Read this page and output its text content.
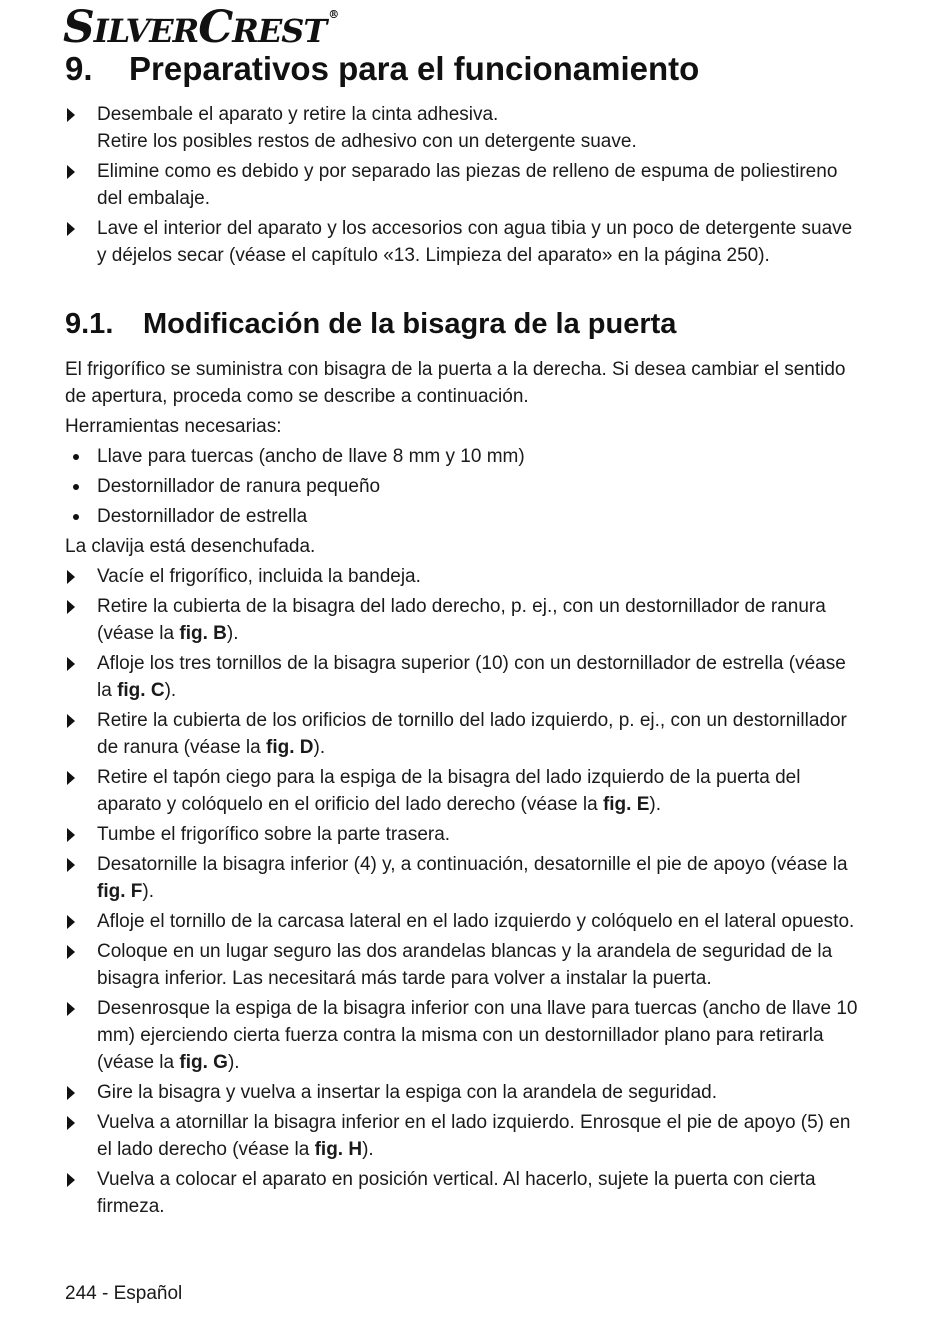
SILVERCREST ®
9. Preparativos para el funcionamiento
Desembale el aparato y retire la cinta adhesiva.
Retire los posibles restos de adhesivo con un detergente suave.
Elimine como es debido y por separado las piezas de relleno de espuma de poliestireno del embalaje.
Lave el interior del aparato y los accesorios con agua tibia y un poco de detergente suave y déjelos secar (véase el capítulo «13. Limpieza del aparato» en la página 250).
9.1. Modificación de la bisagra de la puerta
El frigorífico se suministra con bisagra de la puerta a la derecha. Si desea cambiar el sentido de apertura, proceda como se describe a continuación.
Herramientas necesarias:
Llave para tuercas (ancho de llave 8 mm y 10 mm)
Destornillador de ranura pequeño
Destornillador de estrella
La clavija está desenchufada.
Vacíe el frigorífico, incluida la bandeja.
Retire la cubierta de la bisagra del lado derecho, p. ej., con un destornillador de ranura (véase la fig. B).
Afloje los tres tornillos de la bisagra superior (10) con un destornillador de estrella (véase la fig. C).
Retire la cubierta de los orificios de tornillo del lado izquierdo, p. ej., con un destornillador de ranura (véase la fig. D).
Retire el tapón ciego para la espiga de la bisagra del lado izquierdo de la puerta del aparato y colóquelo en el orificio del lado derecho (véase la fig. E).
Tumbe el frigorífico sobre la parte trasera.
Desatornille la bisagra inferior (4) y, a continuación, desatornille el pie de apoyo (véase la fig. F).
Afloje el tornillo de la carcasa lateral en el lado izquierdo y colóquelo en el lateral opuesto.
Coloque en un lugar seguro las dos arandelas blancas y la arandela de seguridad de la bisagra inferior. Las necesitará más tarde para volver a instalar la puerta.
Desenrosque la espiga de la bisagra inferior con una llave para tuercas (ancho de llave 10 mm) ejerciendo cierta fuerza contra la misma con un destornillador plano para retirarla (véase la fig. G).
Gire la bisagra y vuelva a insertar la espiga con la arandela de seguridad.
Vuelva a atornillar la bisagra inferior en el lado izquierdo. Enrosque el pie de apoyo (5) en el lado derecho (véase la fig. H).
Vuelva a colocar el aparato en posición vertical. Al hacerlo, sujete la puerta con cierta firmeza.
244 - Español
